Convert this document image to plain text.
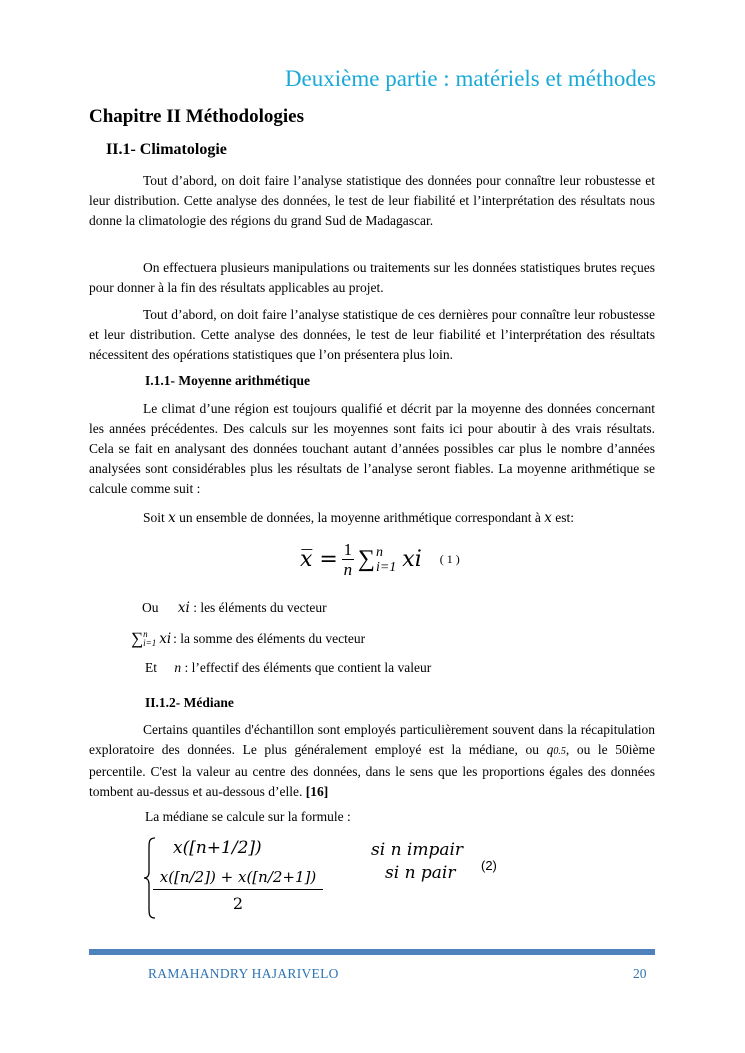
Deuxième partie : matériels et méthodes
Chapitre II Méthodologies
II.1- Climatologie

Tout d’abord, on doit faire l’analyse statistique des données pour connaître leur robustesse et leur distribution. Cette analyse des données, le test de leur fiabilité et l’interprétation des résultats nous donne la climatologie des régions du grand Sud de Madagascar.

On effectuera plusieurs manipulations ou traitements sur les données statistiques brutes reçues pour donner à la fin des résultats applicables au projet.

Tout d’abord, on doit faire l’analyse statistique de ces dernières pour connaître leur robustesse et leur distribution. Cette analyse des données, le test de leur fiabilité et l’interprétation des résultats nécessitent des opérations statistiques que l’on présentera plus loin.

I.1.1- Moyenne arithmétique

Le climat d’une région est toujours qualifié et décrit par la moyenne des données concernant les années précédentes. Des calculs sur les moyennes sont faits ici pour aboutir à des vrais résultats. Cela se fait en analysant des données touchant autant d’années possibles car plus le nombre d’années analysées sont considérables plus les résultats de l’analyse seront fiables. La moyenne arithmétique se calcule comme suit :

Soit 𝑥 un ensemble de données, la moyenne arithmétique correspondant à 𝑥 est:
𝑥̅ = $\frac{1}{n}$ ∑ n
i=1 𝑥𝑖 ( 1 )
Ou 𝑥𝑖 : les éléments du vecteur
∑ n
i=1 𝑥𝑖 : la somme des éléments du vecteur
Et n : l’effectif des éléments que contient la valeur
II.1.2- Médiane

Certains quantiles d'échantillon sont employés particulièrement souvent dans la récapitulation exploratoire des données. Le plus généralement employé est la médiane, ou q0.5, ou le 50ième percentile. C'est la valeur au centre des données, dans le sens que les proportions égales des données tombent au-dessus et au-dessous d’elle. [16]

La médiane se calcule sur la formule :
𝑥([𝑛+1/2])
𝑥([𝑛/2]) + 𝑥([𝑛/2+1])
2
𝑠𝑖 𝑛 𝑖𝑚𝑝𝑎𝑖𝑟
𝑠𝑖 𝑛 𝑝𝑎𝑖𝑟 (2)
RAMAHANDRY HAJARIVELO	20
